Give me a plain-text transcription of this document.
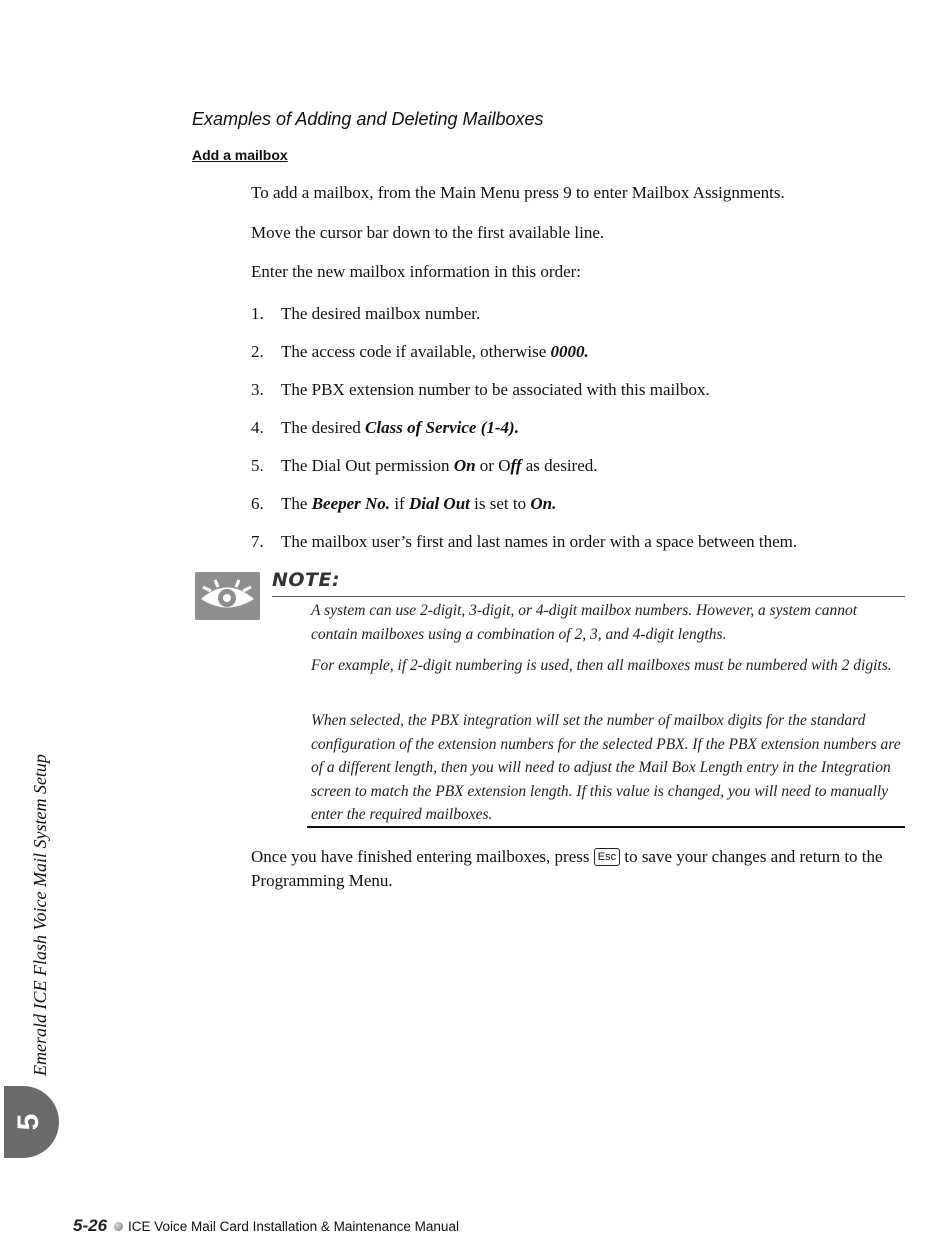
Examples of Adding and Deleting Mailboxes
Add a mailbox

To add a mailbox, from the Main Menu press 9 to enter Mailbox Assignments.

Move the cursor bar down to the first available line.

Enter the new mailbox information in this order:

1. The desired mailbox number.
2. The access code if available, otherwise 0000.
3. The PBX extension number to be associated with this mailbox.
4. The desired Class of Service (1-4).
5. The Dial Out permission On or Off as desired.
6. The Beeper No. if Dial Out is set to On.
7. The mailbox user’s first and last names in order with a space between them.
NOTE:

A system can use 2-digit, 3-digit, or 4-digit mailbox numbers. However, a system cannot contain mailboxes using a combination of 2, 3, and 4-digit lengths.

For example, if 2-digit numbering is used, then all mailboxes must be numbered with 2 digits.

When selected, the PBX integration will set the number of mailbox digits for the standard configuration of the extension numbers for the selected PBX. If the PBX extension numbers are of a different length, then you will need to adjust the Mail Box Length entry in the Integration screen to match the PBX extension length. If this value is changed, you will need to manually enter the required mailboxes.

Once you have finished entering mailboxes, press Esc to save your changes and return to the Programming Menu.

5
Emerald ICE Flash Voice Mail System Setup
5-26 ICE Voice Mail Card Installation & Maintenance Manual
